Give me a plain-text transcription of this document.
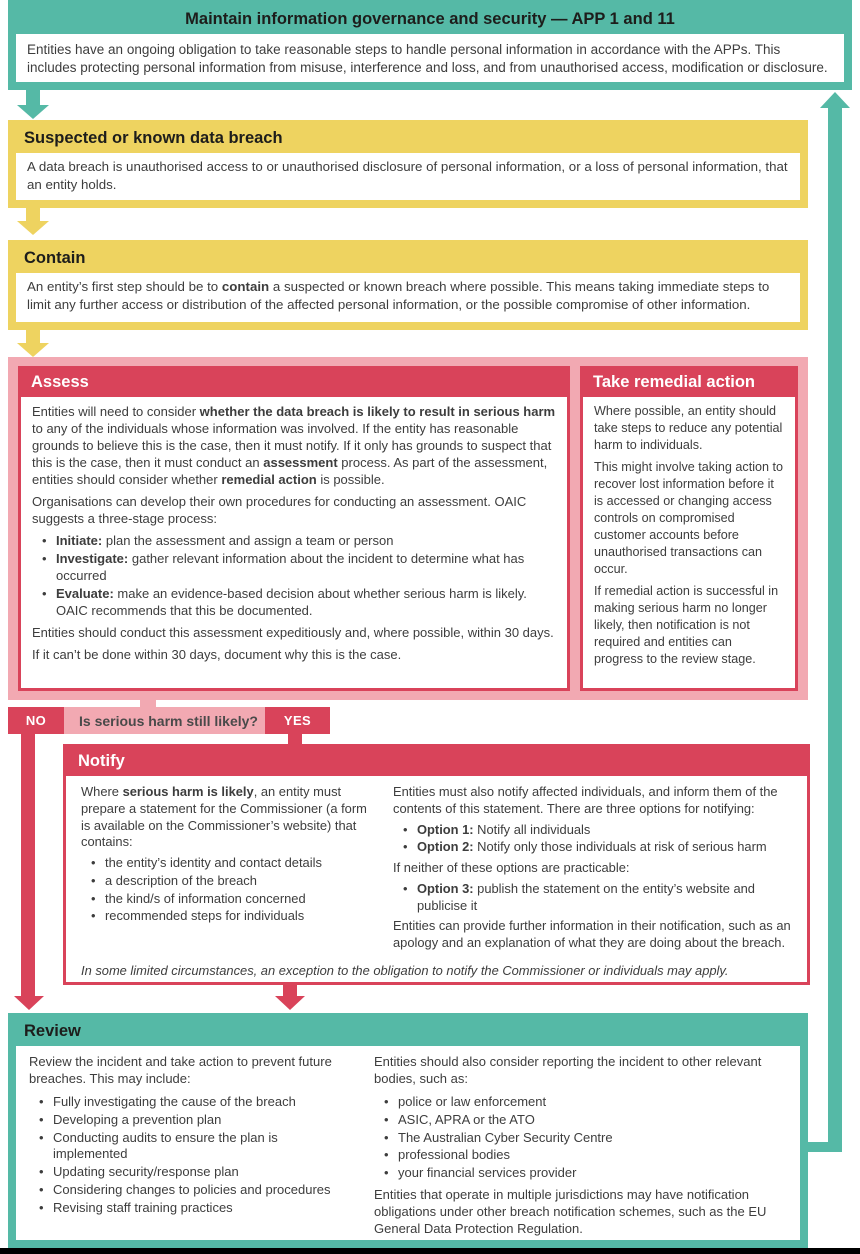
Maintain information governance and security — APP 1 and 11
Entities have an ongoing obligation to take reasonable steps to handle personal information in accordance with the APPs. This includes protecting personal information from misuse, interference and loss, and from unauthorised access, modification or disclosure.
Suspected or known data breach
A data breach is unauthorised access to or unauthorised disclosure of personal information, or a loss of personal information, that an entity holds.
Contain
An entity’s first step should be to contain a suspected or known breach where possible. This means taking immediate steps to limit any further access or distribution of the affected personal information, or the possible compromise of other information.
Assess

Entities will need to consider whether the data breach is likely to result in serious harm to any of the individuals whose information was involved. If the entity has reasonable grounds to believe this is the case, then it must notify. If it only has grounds to suspect that this is the case, then it must conduct an assessment process. As part of the assessment, entities should consider whether remedial action is possible.

Organisations can develop their own procedures for conducting an assessment. OAIC suggests a three-stage process:

• Initiate: plan the assessment and assign a team or person
• Investigate: gather relevant information about the incident to determine what has occurred
• Evaluate: make an evidence-based decision about whether serious harm is likely. OAIC recommends that this be documented.

Entities should conduct this assessment expeditiously and, where possible, within 30 days.

If it can’t be done within 30 days, document why this is the case.

Take remedial action

Where possible, an entity should take steps to reduce any potential harm to individuals.

This might involve taking action to recover lost information before it is accessed or changing access controls on compromised customer accounts before unauthorised transactions can occur.

If remedial action is successful in making serious harm no longer likely, then notification is not required and entities can progress to the review stage.

NO	Is serious harm still likely?	YES
Notify

Where serious harm is likely, an entity must prepare a statement for the Commissioner (a form is available on the Commissioner’s website) that contains:

• the entity’s identity and contact details
• a description of the breach
• the kind/s of information concerned
• recommended steps for individuals

Entities must also notify affected individuals, and inform them of the contents of this statement. There are three options for notifying:

• Option 1: Notify all individuals
• Option 2: Notify only those individuals at risk of serious harm

If neither of these options are practicable:

• Option 3: publish the statement on the entity’s website and publicise it

Entities can provide further information in their notification, such as an apology and an explanation of what they are doing about the breach.

In some limited circumstances, an exception to the obligation to notify the Commissioner or individuals may apply.
Review

Review the incident and take action to prevent future breaches. This may include:

• Fully investigating the cause of the breach
• Developing a prevention plan
• Conducting audits to ensure the plan is implemented
• Updating security/response plan
• Considering changes to policies and procedures
• Revising staff training practices

Entities should also consider reporting the incident to other relevant bodies, such as:

• police or law enforcement
• ASIC, APRA or the ATO
• The Australian Cyber Security Centre
• professional bodies
• your financial services provider

Entities that operate in multiple jurisdictions may have notification obligations under other breach notification schemes, such as the EU General Data Protection Regulation.
